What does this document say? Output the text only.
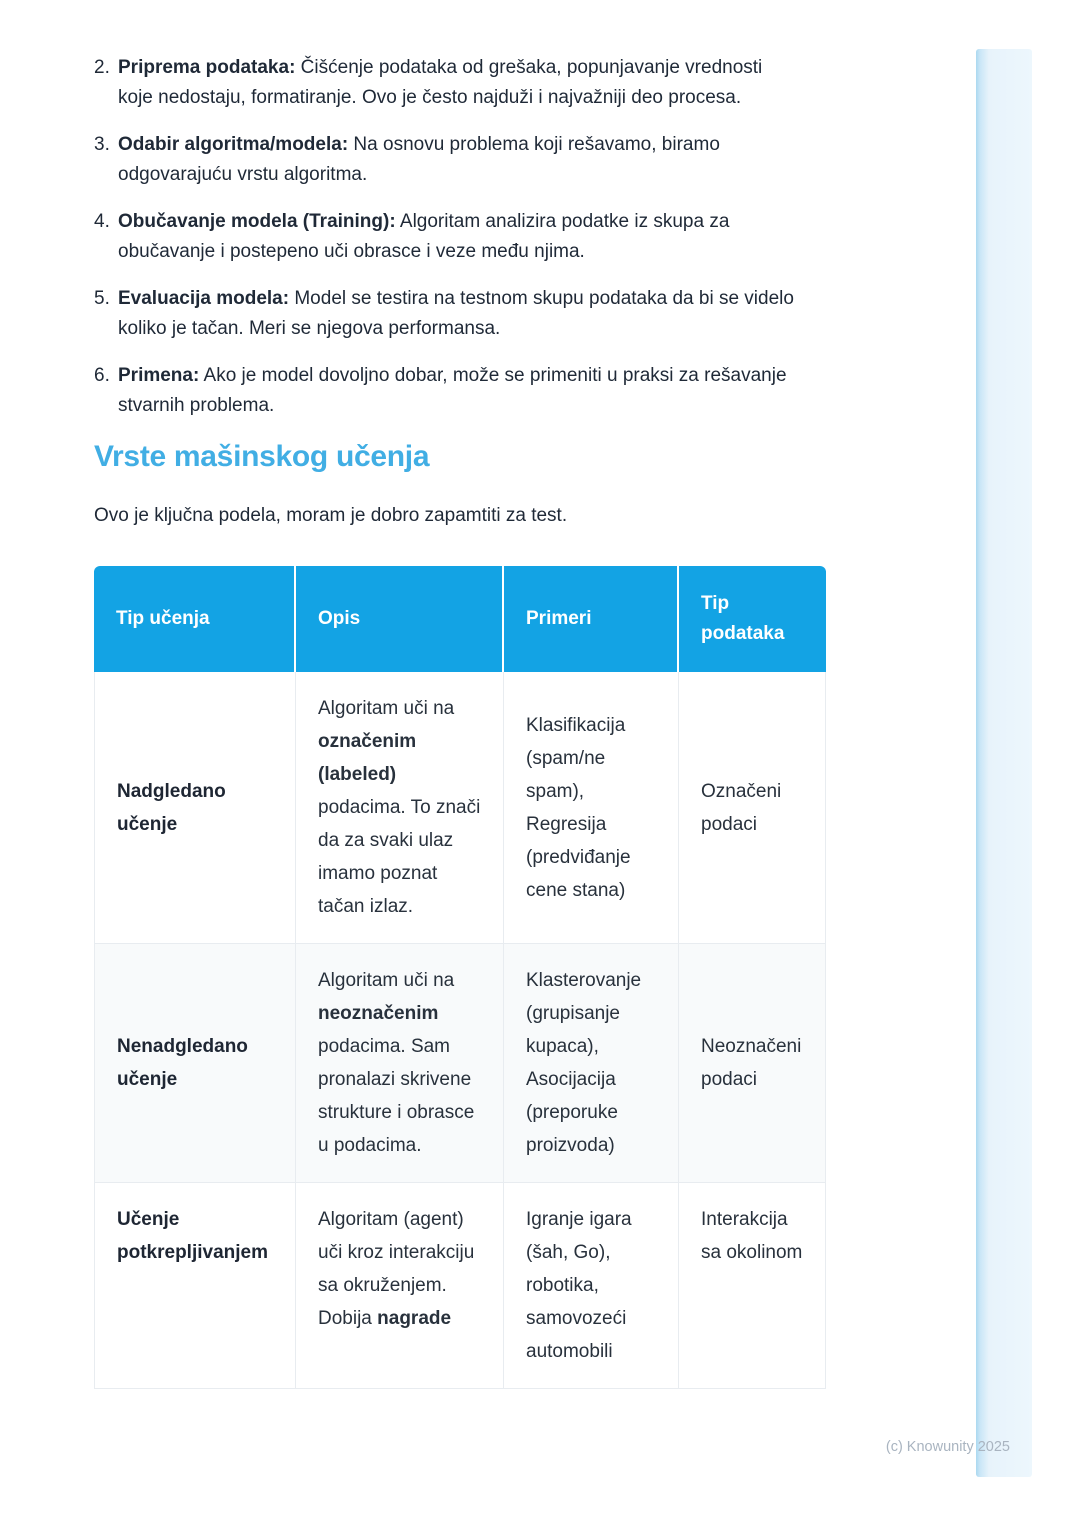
2. Priprema podataka: Čišćenje podataka od grešaka, popunjavanje vrednosti koje nedostaju, formatiranje. Ovo je često najduži i najvažniji deo procesa.
3. Odabir algoritma/modela: Na osnovu problema koji rešavamo, biramo odgovarajuću vrstu algoritma.
4. Obučavanje modela (Training): Algoritam analizira podatke iz skupa za obučavanje i postepeno uči obrasce i veze među njima.
5. Evaluacija modela: Model se testira na testnom skupu podataka da bi se videlo koliko je tačan. Meri se njegova performansa.
6. Primena: Ako je model dovoljno dobar, može se primeniti u praksi za rešavanje stvarnih problema.
Vrste mašinskog učenja

Ovo je ključna podela, moram je dobro zapamtiti za test.

Tip učenja	Opis	Primeri	Tip podataka
Nadgledano učenje	Algoritam uči na označenim (labeled) podacima. To znači da za svaki ulaz imamo poznat tačan izlaz.	Klasifikacija (spam/ne spam), Regresija (predviđanje cene stana)	Označeni podaci
Nenadgledano učenje	Algoritam uči na neoznačenim podacima. Sam pronalazi skrivene strukture i obrasce u podacima.	Klasterovanje (grupisanje kupaca), Asocijacija (preporuke proizvoda)	Neoznačeni podaci
Učenje potkrepljivanjem	Algoritam (agent) uči kroz interakciju sa okruženjem. Dobija nagrade	Igranje igara (šah, Go), robotika, samovozeći automobili	Interakcija sa okolinom
(c) Knowunity 2025
